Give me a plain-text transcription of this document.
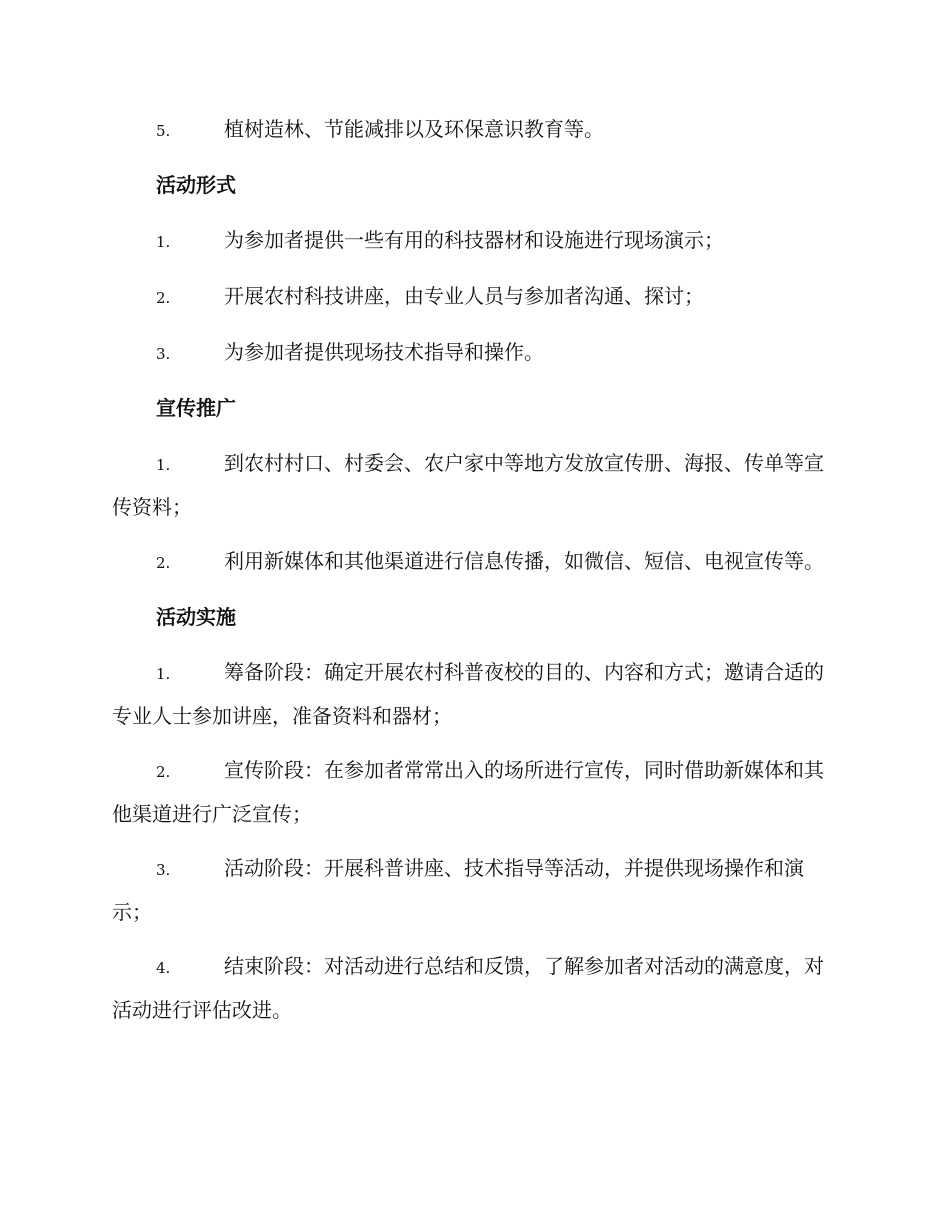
5.	植树造林、节能减排以及环保意识教育等。
活动形式
1.	为参加者提供一些有用的科技器材和设施进行现场演示；
2.	开展农村科技讲座，由专业人员与参加者沟通、探讨；
3.	为参加者提供现场技术指导和操作。
宣传推广
1.	到农村村口、村委会、农户家中等地方发放宣传册、海报、传单等宣传资料；
2.	利用新媒体和其他渠道进行信息传播，如微信、短信、电视宣传等。
活动实施
1.	筹备阶段：确定开展农村科普夜校的目的、内容和方式；邀请合适的专业人士参加讲座，准备资料和器材；
2.	宣传阶段：在参加者常常出入的场所进行宣传，同时借助新媒体和其他渠道进行广泛宣传；
3.	活动阶段：开展科普讲座、技术指导等活动，并提供现场操作和演示；
4.	结束阶段：对活动进行总结和反馈，了解参加者对活动的满意度，对活动进行评估改进。
